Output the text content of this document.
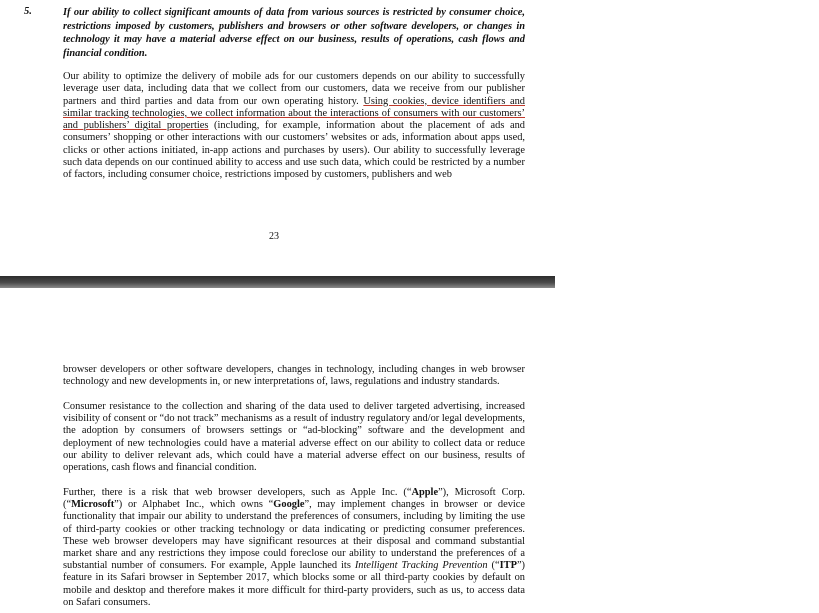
5.	If our ability to collect significant amounts of data from various sources is restricted by consumer choice, restrictions imposed by customers, publishers and browsers or other software developers, or changes in technology it may have a material adverse effect on our business, results of operations, cash flows and financial condition.
Our ability to optimize the delivery of mobile ads for our customers depends on our ability to successfully leverage user data, including data that we collect from our customers, data we receive from our publisher partners and third parties and data from our own operating history. Using cookies, device identifiers and similar tracking technologies, we collect information about the interactions of consumers with our customers’ and publishers’ digital properties (including, for example, information about the placement of ads and consumers’ shopping or other interactions with our customers’ websites or ads, information about apps used, clicks or other actions initiated, in-app actions and purchases by users). Our ability to successfully leverage such data depends on our continued ability to access and use such data, which could be restricted by a number of factors, including consumer choice, restrictions imposed by customers, publishers and web
23
browser developers or other software developers, changes in technology, including changes in web browser technology and new developments in, or new interpretations of, laws, regulations and industry standards.
Consumer resistance to the collection and sharing of the data used to deliver targeted advertising, increased visibility of consent or “do not track” mechanisms as a result of industry regulatory and/or legal developments, the adoption by consumers of browsers settings or “ad-blocking” software and the development and deployment of new technologies could have a material adverse effect on our ability to collect data or reduce our ability to deliver relevant ads, which could have a material adverse effect on our business, results of operations, cash flows and financial condition.
Further, there is a risk that web browser developers, such as Apple Inc. (“Apple”), Microsoft Corp. (“Microsoft”) or Alphabet Inc., which owns “Google”, may implement changes in browser or device functionality that impair our ability to understand the preferences of consumers, including by limiting the use of third-party cookies or other tracking technology or data indicating or predicting consumer preferences. These web browser developers may have significant resources at their disposal and command substantial market share and any restrictions they impose could foreclose our ability to understand the preferences of a substantial number of consumers. For example, Apple launched its Intelligent Tracking Prevention (“ITP”) feature in its Safari browser in September 2017, which blocks some or all third-party cookies by default on mobile and desktop and therefore makes it more difficult for third-party providers, such as us, to access data on Safari consumers.
